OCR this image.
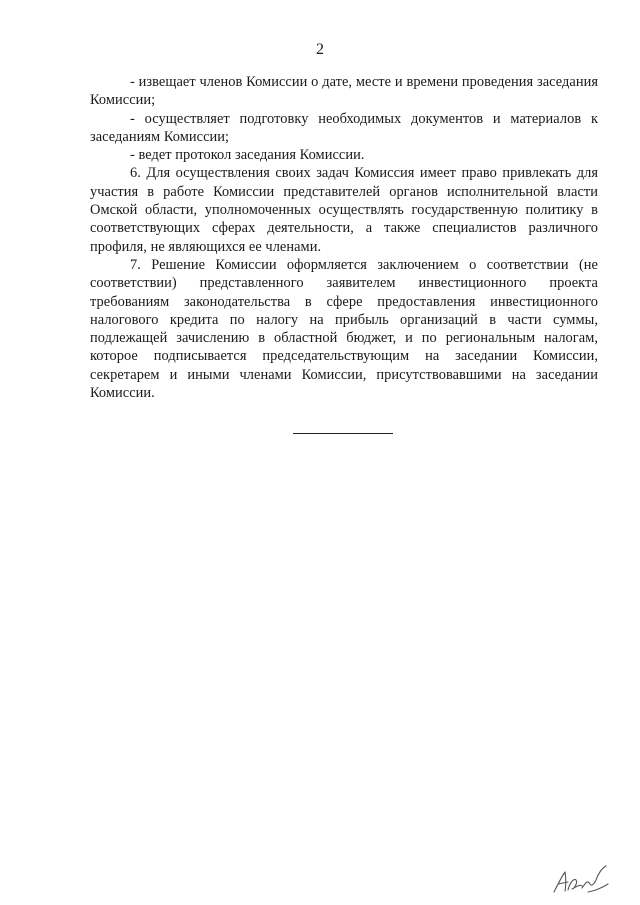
2

- извещает членов Комиссии о дате, месте и времени проведения заседания Комиссии;

- осуществляет подготовку необходимых документов и материалов к заседаниям Комиссии;

- ведет протокол заседания Комиссии.

6. Для осуществления своих задач Комиссия имеет право привлекать для участия в работе Комиссии представителей органов исполнительной власти Омской области, уполномоченных осуществлять государственную политику в соответствующих сферах деятельности, а также специалистов различного профиля, не являющихся ее членами.

7. Решение Комиссии оформляется заключением о соответствии (не соответствии) представленного заявителем инвестиционного проекта требованиям законодательства в сфере предоставления инвестиционного налогового кредита по налогу на прибыль организаций в части суммы, подлежащей зачислению в областной бюджет, и по региональным налогам, которое подписывается председательствующим на заседании Комиссии, секретарем и иными членами Комиссии, присутствовавшими на заседании Комиссии.
